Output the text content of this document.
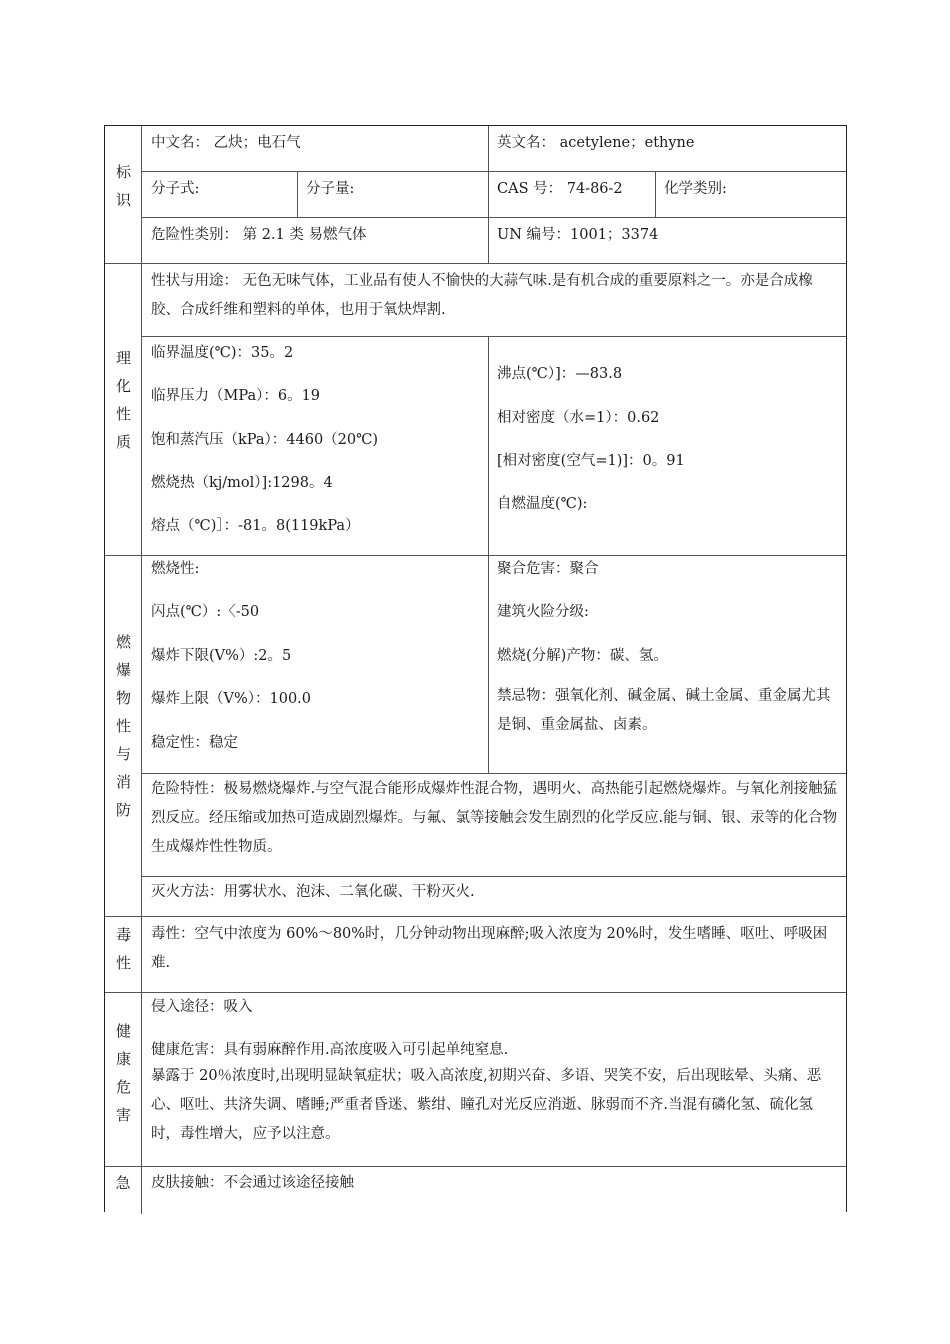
标识
中文名： 乙炔；电石气	英文名： acetylene；ethyne
分子式:	分子量:	CAS 号： 74-86-2	化学类别:
危险性类别： 第 2.1 类 易燃气体	UN 编号：1001；3374
理化性质
性状与用途： 无色无味气体，工业品有使人不愉快的大蒜气味.是有机合成的重要原料之一。亦是合成橡胶、合成纤维和塑料的单体，也用于氧炔焊割.
临界温度(℃)：35。2
临界压力（MPa）：6。19
饱和蒸汽压（kPa）：4460（20℃)
燃烧热（kj/mol）]:1298。4
熔点（℃)］：-81。8(119kPa）
沸点(℃）]：—83.8
相对密度（水=1）：0.62
[相对密度(空气=1)]：0。91
自燃温度(℃):
燃爆物性与消防
燃烧性:
闪点(℃）:〈-50
爆炸下限(V%）:2。5
爆炸上限（V%）：100.0
稳定性：稳定
聚合危害：聚合
建筑火险分级:
燃烧(分解)产物：碳、氢。
禁忌物：强氧化剂、碱金属、碱土金属、重金属尤其是铜、重金属盐、卤素。
危险特性：极易燃烧爆炸.与空气混合能形成爆炸性混合物，遇明火、高热能引起燃烧爆炸。与氧化剂接触猛烈反应。经压缩或加热可造成剧烈爆炸。与氟、氯等接触会发生剧烈的化学反应.能与铜、银、汞等的化合物生成爆炸性性物质。
灭火方法：用雾状水、泡沫、二氧化碳、干粉灭火.
毒性
毒性：空气中浓度为 60%～80%时，几分钟动物出现麻醉;吸入浓度为 20%时，发生嗜睡、呕吐、呼吸困难.
健康危害
侵入途径：吸入
健康危害：具有弱麻醉作用.高浓度吸入可引起单纯窒息.
暴露于 20％浓度时,出现明显缺氧症状；吸入高浓度,初期兴奋、多语、哭笑不安，后出现眩晕、头痛、恶心、呕吐、共济失调、嗜睡;严重者昏迷、紫绀、瞳孔对光反应消逝、脉弱而不齐.当混有磷化氢、硫化氢时，毒性增大，应予以注意。
急	皮肤接触：不会通过该途径接触
